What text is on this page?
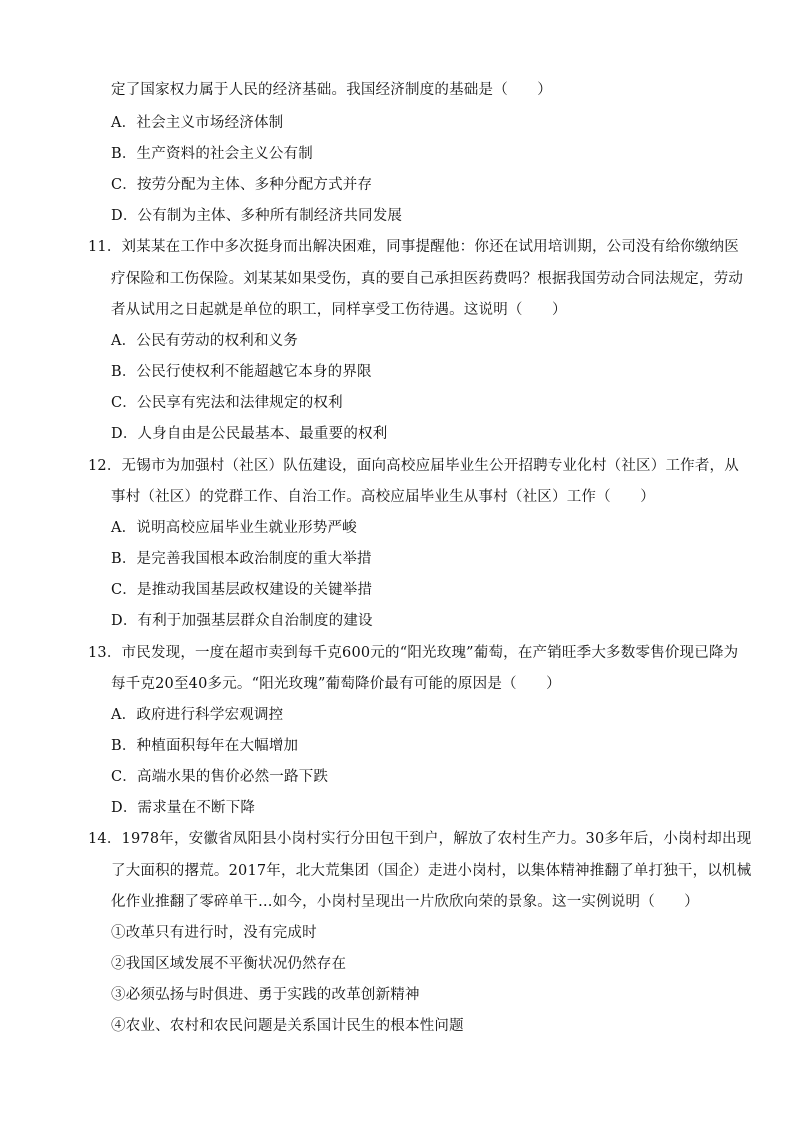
定了国家权力属于人民的经济基础。我国经济制度的基础是（　　）
A．社会主义市场经济体制
B．生产资料的社会主义公有制
C．按劳分配为主体、多种分配方式并存
D．公有制为主体、多种所有制经济共同发展
11．刘某某在工作中多次挺身而出解决困难，同事提醒他：你还在试用培训期，公司没有给你缴纳医
疗保险和工伤保险。刘某某如果受伤，真的要自己承担医药费吗？根据我国劳动合同法规定，劳动
者从试用之日起就是单位的职工，同样享受工伤待遇。这说明（　　）
A．公民有劳动的权利和义务
B．公民行使权利不能超越它本身的界限
C．公民享有宪法和法律规定的权利
D．人身自由是公民最基本、最重要的权利
12．无锡市为加强村（社区）队伍建设，面向高校应届毕业生公开招聘专业化村（社区）工作者，从
事村（社区）的党群工作、自治工作。高校应届毕业生从事村（社区）工作（　　）
A．说明高校应届毕业生就业形势严峻
B．是完善我国根本政治制度的重大举措
C．是推动我国基层政权建设的关键举措
D．有利于加强基层群众自治制度的建设
13．市民发现，一度在超市卖到每千克600元的“阳光玫瑰”葡萄，在产销旺季大多数零售价现已降为
每千克20至40多元。“阳光玫瑰”葡萄降价最有可能的原因是（　　）
A．政府进行科学宏观调控
B．种植面积每年在大幅增加
C．高端水果的售价必然一路下跌
D．需求量在不断下降
14．1978年，安徽省凤阳县小岗村实行分田包干到户，解放了农村生产力。30多年后，小岗村却出现
了大面积的撂荒。2017年，北大荒集团（国企）走进小岗村，以集体精神推翻了单打独干，以机械
化作业推翻了零碎单干…如今，小岗村呈现出一片欣欣向荣的景象。这一实例说明（　　）
①改革只有进行时，没有完成时
②我国区域发展不平衡状况仍然存在
③必须弘扬与时俱进、勇于实践的改革创新精神
④农业、农村和农民问题是关系国计民生的根本性问题
